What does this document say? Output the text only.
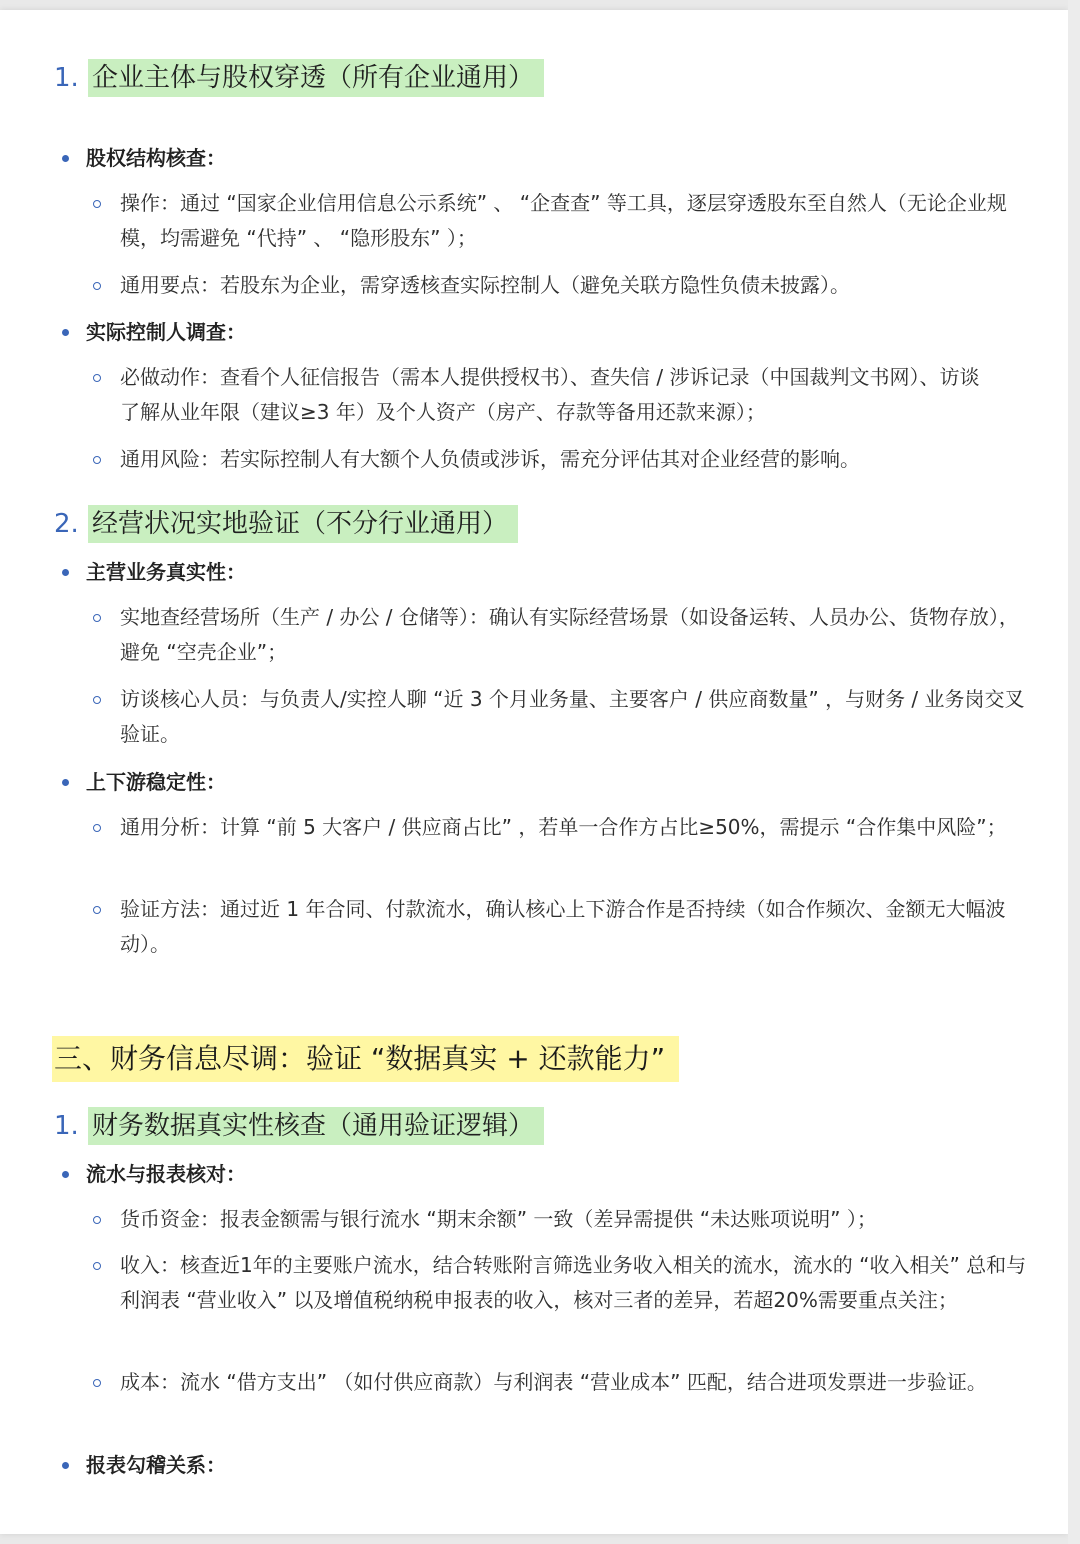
1. 企业主体与股权穿透（所有企业通用）
股权结构核查：
操作：通过 “国家企业信用信息公示系统” 、 “企查查” 等工具，逐层穿透股东至自然人（无论企业规模，均需避免 “代持” 、 “隐形股东” ）；
通用要点：若股东为企业，需穿透核查实际控制人（避免关联方隐性负债未披露）。
实际控制人调查：
必做动作：查看个人征信报告（需本人提供授权书）、查失信 / 涉诉记录（中国裁判文书网）、访谈了解从业年限（建议≥3 年）及个人资产（房产、存款等备用还款来源）；
通用风险：若实际控制人有大额个人负债或涉诉，需充分评估其对企业经营的影响。
2. 经营状况实地验证（不分行业通用）
主营业务真实性：
实地查经营场所（生产 / 办公 / 仓储等）：确认有实际经营场景（如设备运转、人员办公、货物存放），避免 “空壳企业”；
访谈核心人员：与负责人/实控人聊 “近 3 个月业务量、主要客户 / 供应商数量” ，与财务 / 业务岗交叉验证。
上下游稳定性：
通用分析：计算 “前 5 大客户 / 供应商占比” ，若单一合作方占比≥50%，需提示 “合作集中风险”；
验证方法：通过近 1 年合同、付款流水，确认核心上下游合作是否持续（如合作频次、金额无大幅波动）。
三、财务信息尽调：验证 “数据真实 + 还款能力”
1. 财务数据真实性核查（通用验证逻辑）
流水与报表核对：
货币资金：报表金额需与银行流水 “期末余额” 一致（差异需提供 “未达账项说明” ）；
收入：核查近1年的主要账户流水，结合转账附言筛选业务收入相关的流水，流水的 “收入相关” 总和与利润表 “营业收入” 以及增值税纳税申报表的收入，核对三者的差异，若超20%需要重点关注；
成本：流水 “借方支出” （如付供应商款）与利润表 “营业成本” 匹配，结合进项发票进一步验证。
报表勾稽关系：
